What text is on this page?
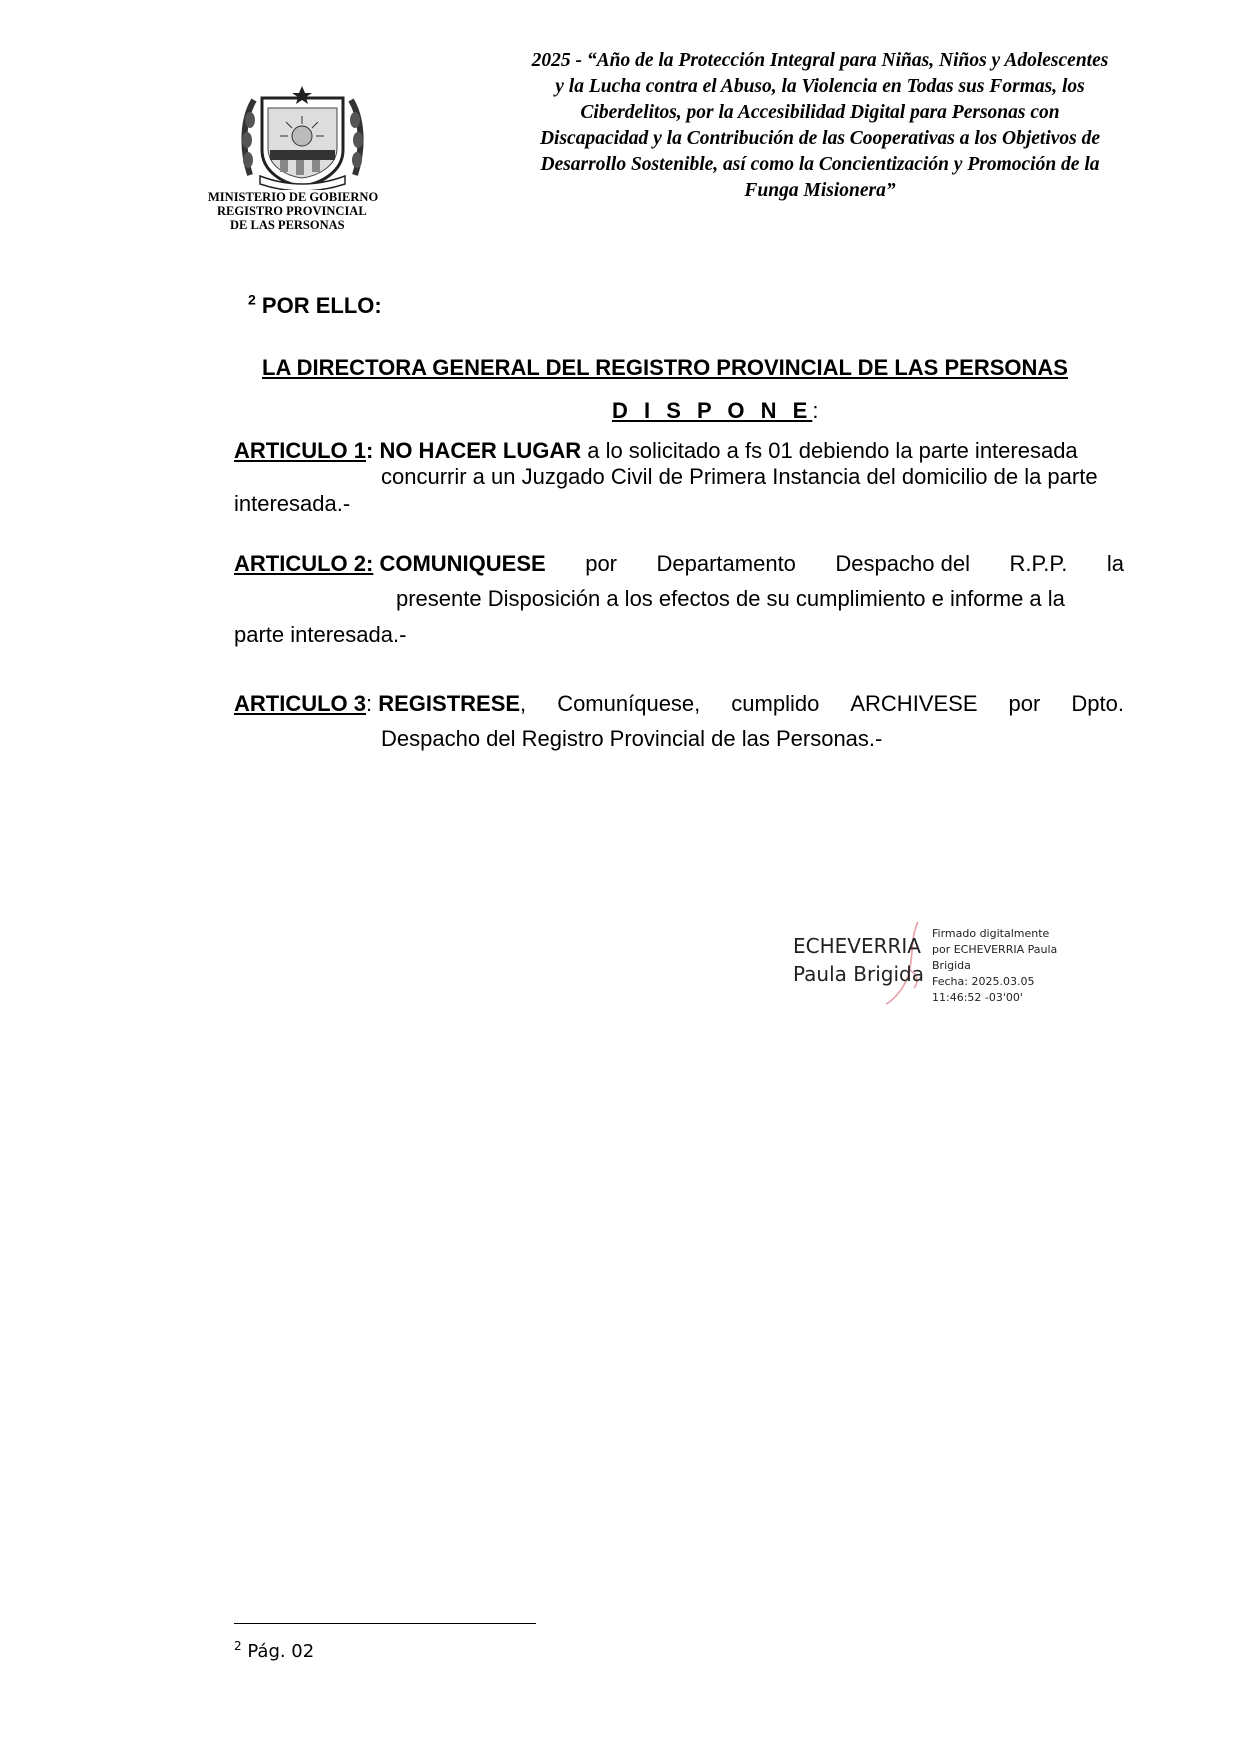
MINISTERIO DE GOBIERNO
REGISTRO PROVINCIAL
DE LAS PERSONAS
2025 - “Año de la Protección Integral para Niñas, Niños y Adolescentes
y la Lucha contra el Abuso, la Violencia en Todas sus Formas, los
Ciberdelitos, por la Accesibilidad Digital para Personas con
Discapacidad y la Contribución de las Cooperativas a los Objetivos de
Desarrollo Sostenible, así como la Concientización y Promoción de la
Funga Misionera”
$^2$ POR ELLO:
LA DIRECTORA GENERAL DEL REGISTRO PROVINCIAL DE LAS PERSONAS
D I S P O N E:
ARTICULO 1: NO HACER LUGAR a lo solicitado a fs 01 debiendo la parte interesada
concurrir a un Juzgado Civil de Primera Instancia del domicilio de la parte
interesada.-
ARTICULO 2: COMUNIQUESE por Departamento Despacho del R.P.P. la
presente Disposición a los efectos de su cumplimiento e informe a la
parte interesada.-
ARTICULO 3: REGISTRESE, Comuníquese, cumplido ARCHIVESE por Dpto.
Despacho del Registro Provincial de las Personas.-
ECHEVERRIA
Paula Brigida
Firmado digitalmente
por ECHEVERRIA Paula
Brigida
Fecha: 2025.03.05
11:46:52 -03'00'
$^2$ Pág. 02
